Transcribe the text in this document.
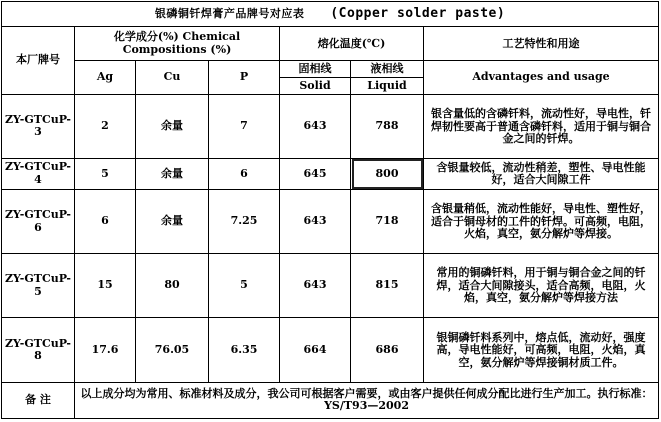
银磷铜钎焊膏产品牌号对应表 (Copper solder paste)						
本厂牌号	化学成分(%) Chemical Compositions (%)			熔化温度(℃)		工艺特性和用途
	Ag	Cu	P	固相线	液相线	Advantages and usage
				Solid	Liquid	
ZY-GTCuP-3	2	余量	7	643	788	银含量低的含磷钎料，流动性好，导电性，钎焊韧性要高于普通含磷钎料，适用于铜与铜合金之间的钎焊。
ZY-GTCuP-4	5	余量	6	645	800	含银量较低，流动性稍差，塑性、导电性能好，适合大间隙工件
ZY-GTCuP-6	6	余量	7.25	643	718	含银量稍低，流动性能好，导电性、塑性好，适合于铜母材的工件的钎焊。可高频，电阻，火焰，真空，氨分解炉等焊接。
ZY-GTCuP-5	15	80	5	643	815	常用的铜磷钎料，用于铜与铜合金之间的钎焊，适合大间隙接头，适合高频，电阻，火焰，真空，氨分解炉等焊接方法
ZY-GTCuP-8	17.6	76.05	6.35	664	686	银铜磷钎料系列中，熔点低，流动好，强度高，导电性能好，可高频，电阻，火焰，真空，氨分解炉等焊接铜材质工件。
备 注	以上成分均为常用、标准材料及成分，我公司可根据客户需要，或由客户提供任何成分配比进行生产加工。执行标准：YS/T93—2002					
